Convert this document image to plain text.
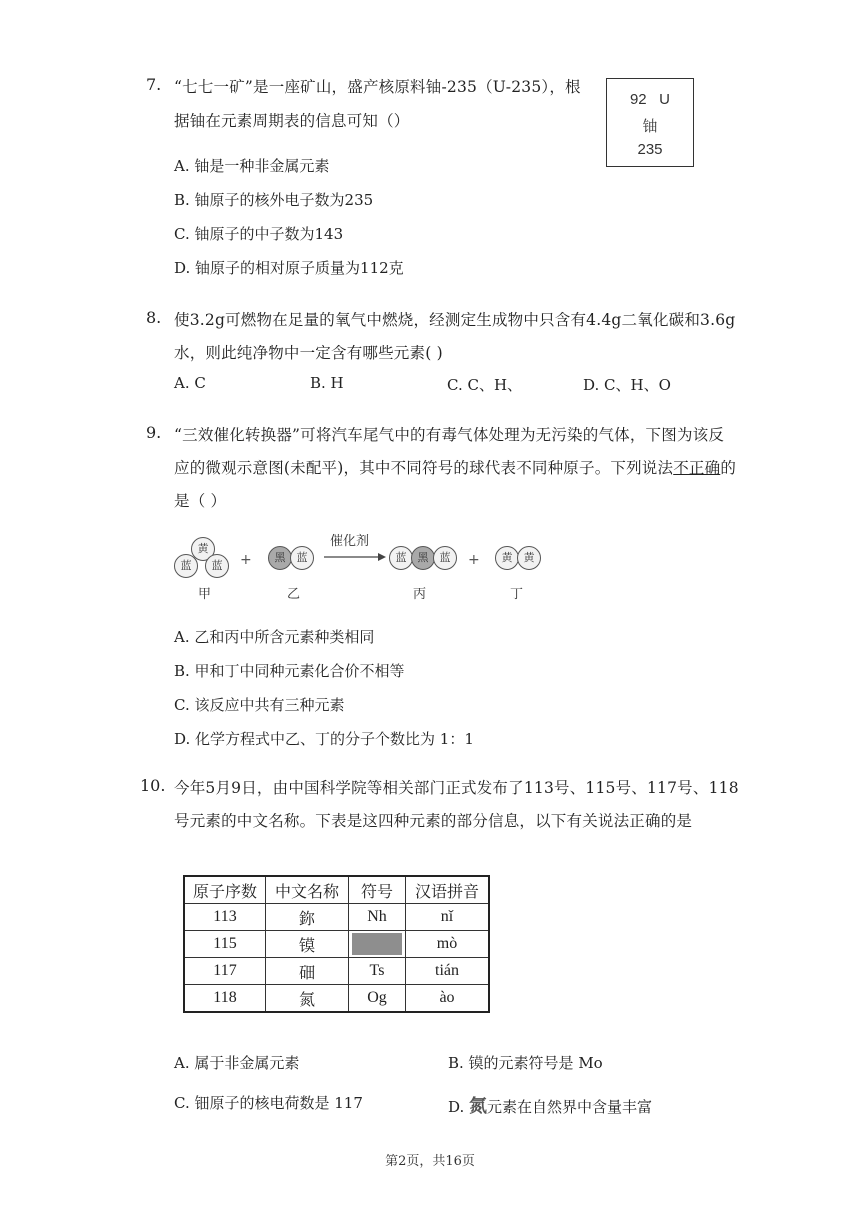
7. “七七一矿”是一座矿山，盛产核原料铀-235（U-235），根
据铀在元素周期表的信息可知（）
92 U
铀
235
A. 铀是一种非金属元素
B. 铀原子的核外电子数为235
C. 铀原子的中子数为143
D. 铀原子的相对原子质量为112克
8. 使3.2g可燃物在足量的氧气中燃烧，经测定生成物中只含有4.4g二氧化碳和3.6g
水，则此纯净物中一定含有哪些元素( )
A. C	B. H	C. C、H、	D. C、H、O
9. “三效催化转换器”可将汽车尾气中的有毒气体处理为无污染的气体，下图为该反
应的微观示意图(未配平)，其中不同符号的球代表不同种原子。下列说法不正确的
是（ ）
黄
蓝	蓝	+	黑	蓝
催化剂
蓝	黑	蓝	+	黄	黄
甲	乙	丙	丁
A. 乙和丙中所含元素种类相同
B. 甲和丁中同种元素化合价不相等
C. 该反应中共有三种元素
D. 化学方程式中乙、丁的分子个数比为 1：1
10. 今年5月9日，由中国科学院等相关部门正式发布了113号、115号、117号、118
号元素的中文名称。下表是这四种元素的部分信息，以下有关说法正确的是
原子序数	中文名称	符号	汉语拼音
113	鉨	Nh	nǐ
115	镆		mò
117	鿬	Ts	tián
118	氮	Og	ào
A. 属于非金属元素	B. 镆的元素符号是 Mo
C. 钿原子的核电荷数是 117	D. 氮元素在自然界中含量丰富
第2页，共16页
